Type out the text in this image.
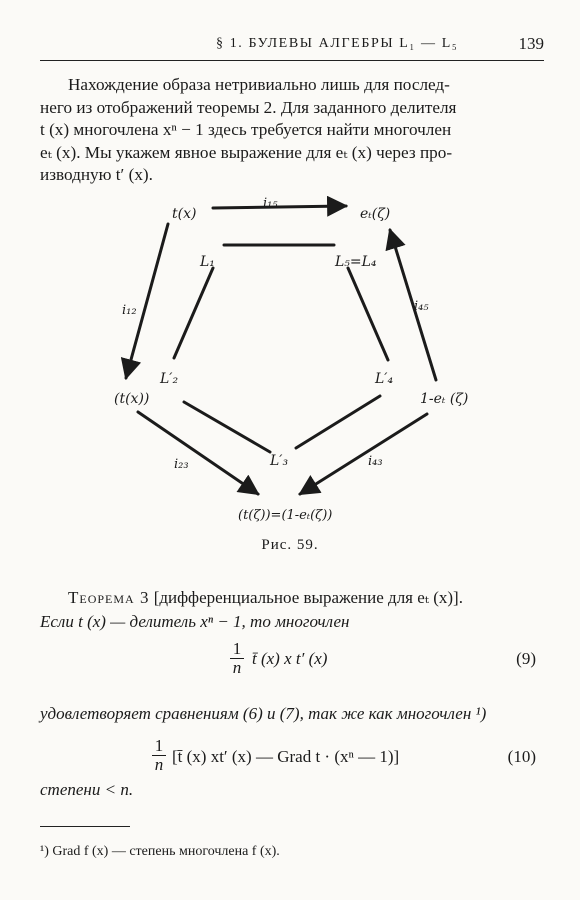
§ 1. БУЛЕВЫ АЛГЕБРЫ L₁ — L₅	139
Нахождение образа нетривиально лишь для послед-
него из отображений теоремы 2. Для заданного делителя
t (x) многочлена xⁿ − 1 здесь требуется найти многочлен
eₜ (x). Мы укажем явное выражение для eₜ (x) через про-
изводную t′ (x).
t(x)	eₜ(ζ)
(t(x))	1-eₜ (ζ)
(t(ζ))=(1-eₜ(ζ))
L₁	L₅=L₄
L′₂	L′₄
L′₃
i₁₅
i₁₂	i₄₅
i₂₃	i₄₃
Рис. 59.
Теорема 3 [дифференциальное выражение для eₜ (x)].
Если t (x) — делитель xⁿ − 1, то многочлен
1
n t̄ (x) x t′ (x)	(9)
удовлетворяет сравнениям (6) и (7), так же как многочлен ¹)
1
n [t̄ (x) xt′ (x) — Grad t · (xⁿ — 1)]	(10)
степени < n.
¹) Grad f (x) — степень многочлена f (x).
